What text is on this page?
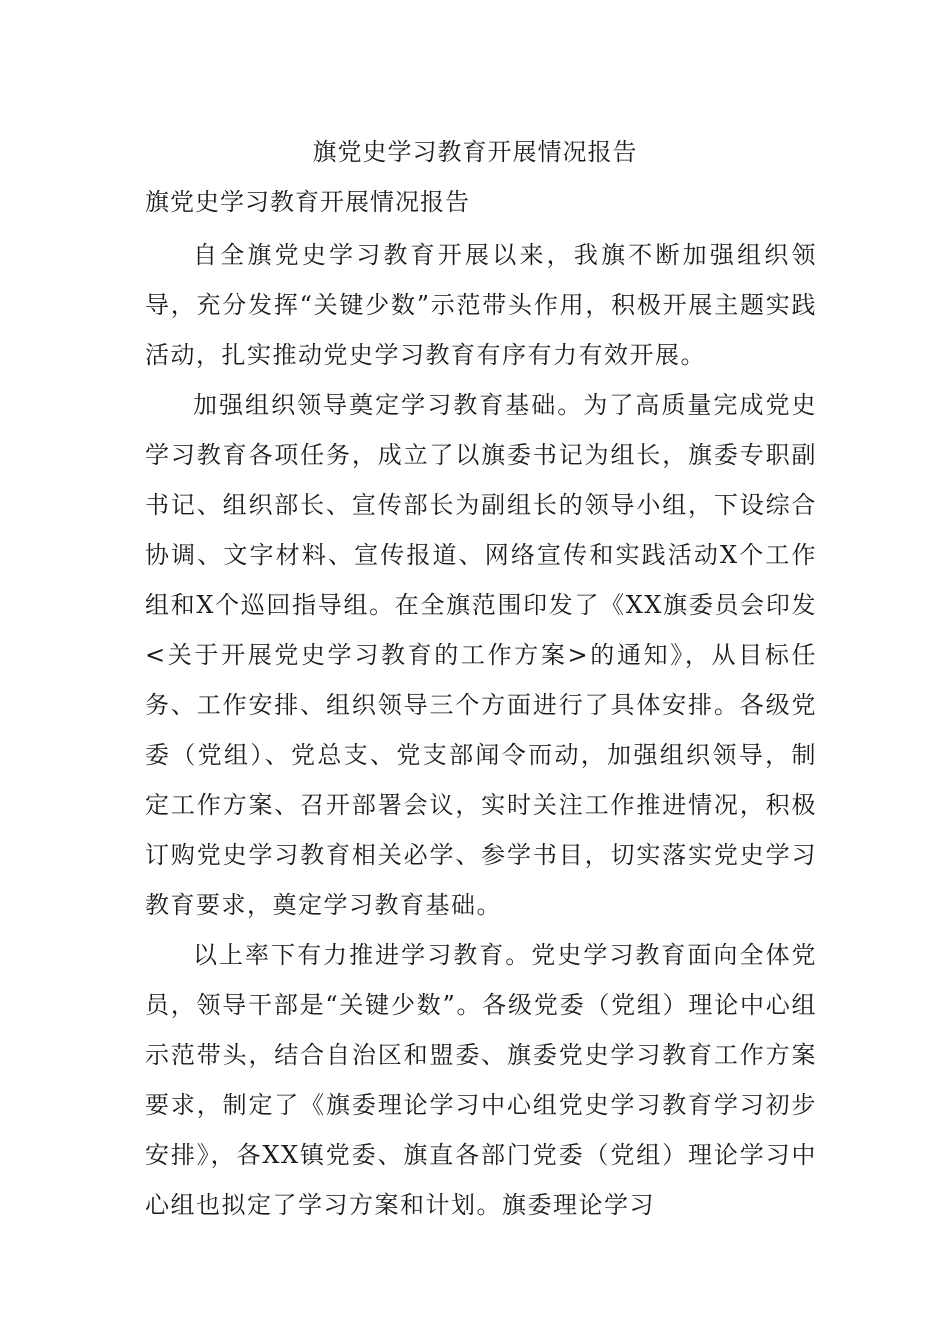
旗党史学习教育开展情况报告
旗党史学习教育开展情况报告

自全旗党史学习教育开展以来，我旗不断加强组织领导，充分发挥“关键少数”示范带头作用，积极开展主题实践活动，扎实推动党史学习教育有序有力有效开展。

加强组织领导奠定学习教育基础。为了高质量完成党史学习教育各项任务，成立了以旗委书记为组长，旗委专职副书记、组织部长、宣传部长为副组长的领导小组，下设综合协调、文字材料、宣传报道、网络宣传和实践活动X个工作组和X个巡回指导组。在全旗范围印发了《XX旗委员会印发<关于开展党史学习教育的工作方案>的通知》，从目标任务、工作安排、组织领导三个方面进行了具体安排。各级党委（党组）、党总支、党支部闻令而动，加强组织领导，制定工作方案、召开部署会议，实时关注工作推进情况，积极订购党史学习教育相关必学、参学书目，切实落实党史学习教育要求，奠定学习教育基础。

以上率下有力推进学习教育。党史学习教育面向全体党员，领导干部是“关键少数”。各级党委（党组）理论中心组示范带头，结合自治区和盟委、旗委党史学习教育工作方案要求，制定了《旗委理论学习中心组党史学习教育学习初步安排》，各XX镇党委、旗直各部门党委（党组）理论学习中心组也拟定了学习方案和计划。旗委理论学习
